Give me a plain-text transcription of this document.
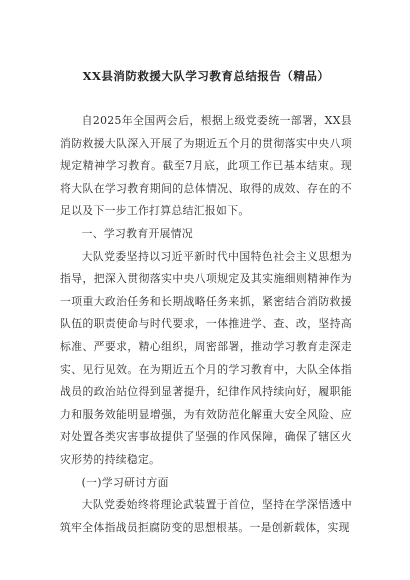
XX县消防救援大队学习教育总结报告（精品）

自2025年全国两会后，根据上级党委统一部署，XX县消防救援大队深入开展了为期近五个月的贯彻落实中央八项规定精神学习教育。截至7月底，此项工作已基本结束。现将大队在学习教育期间的总体情况、取得的成效、存在的不足以及下一步工作打算总结汇报如下。

一、学习教育开展情况

大队党委坚持以习近平新时代中国特色社会主义思想为指导，把深入贯彻落实中央八项规定及其实施细则精神作为一项重大政治任务和长期战略任务来抓，紧密结合消防救援队伍的职责使命与时代要求，一体推进学、查、改，坚持高标准、严要求，精心组织，周密部署，推动学习教育走深走实、见行见效。在为期近五个月的学习教育中，大队全体指战员的政治站位得到显著提升，纪律作风持续向好，履职能力和服务效能明显增强，为有效防范化解重大安全风险、应对处置各类灾害事故提供了坚强的作风保障，确保了辖区火灾形势的持续稳定。

(一)学习研讨方面

大队党委始终将理论武装置于首位，坚持在学深悟透中筑牢全体指战员拒腐防变的思想根基。一是创新载体，实现
